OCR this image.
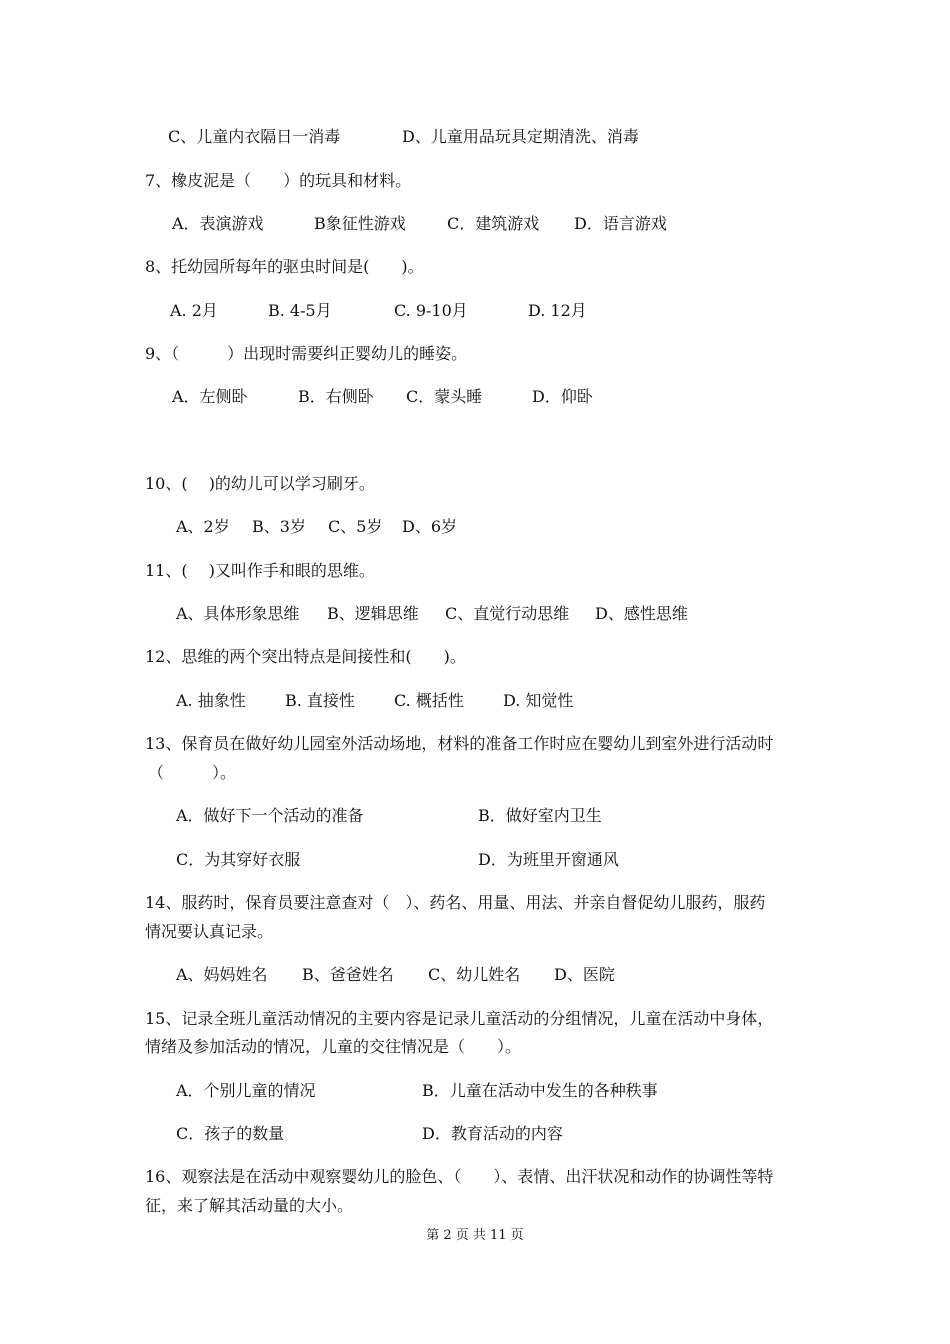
C、儿童内衣隔日一消毒	D、儿童用品玩具定期清洗、消毒
7、橡皮泥是（　　）的玩具和材料。
A．表演游戏	B象征性游戏	C．建筑游戏 D．语言游戏
8、托幼园所每年的驱虫时间是(　　)。
A. 2月	B. 4-5月	C. 9-10月	D. 12月
9、（　　　）出现时需要纠正婴幼儿的睡姿。
A．左侧卧	B．右侧卧 C．蒙头睡	D．仰卧
10、(　 )的幼儿可以学习刷牙。
A、2岁 B、3岁 C、5岁 D、6岁
11、(　 )又叫作手和眼的思维。
A、具体形象思维 B、逻辑思维 C、直觉行动思维 D、感性思维
12、思维的两个突出特点是间接性和(　　)。
A. 抽象性 B. 直接性 C. 概括性 D. 知觉性
13、保育员在做好幼儿园室外活动场地，材料的准备工作时应在婴幼儿到室外进行活动时
（　　　）。
A．做好下一个活动的准备	B．做好室内卫生
C．为其穿好衣服	D．为班里开窗通风
14、服药时，保育员要注意查对（　）、药名、用量、用法、并亲自督促幼儿服药，服药
情况要认真记录。
A、妈妈姓名 B、爸爸姓名 C、幼儿姓名 D、医院
15、记录全班儿童活动情况的主要内容是记录儿童活动的分组情况，儿童在活动中身体，
情绪及参加活动的情况，儿童的交往情况是（　　）。
A．个别儿童的情况	B．儿童在活动中发生的各种秩事
C．孩子的数量	D．教育活动的内容
16、观察法是在活动中观察婴幼儿的脸色、（　　）、表情、出汗状况和动作的协调性等特
征，来了解其活动量的大小。
第 2 页 共 11 页
